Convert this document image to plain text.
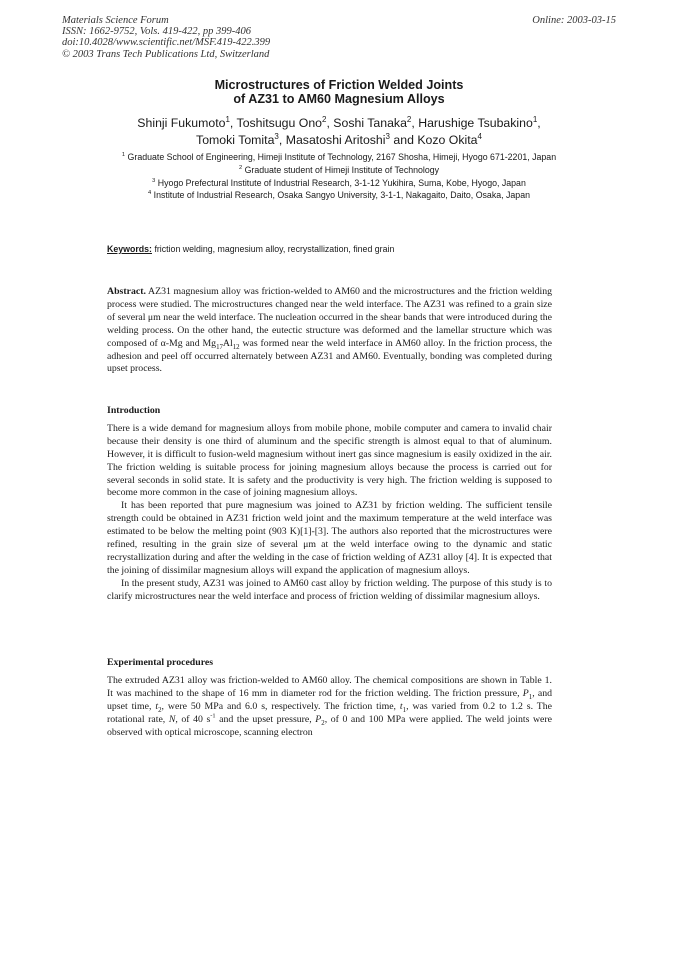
Materials Science Forum
ISSN: 1662-9752, Vols. 419-422, pp 399-406
doi:10.4028/www.scientific.net/MSF.419-422.399
© 2003 Trans Tech Publications Ltd, Switzerland
Online: 2003-03-15
Microstructures of Friction Welded Joints
of AZ31 to AM60 Magnesium Alloys
Shinji Fukumoto$^1$, Toshitsugu Ono$^2$, Soshi Tanaka$^2$, Harushige Tsubakino$^1$,
Tomoki Tomita$^3$, Masatoshi Aritoshi$^3$ and Kozo Okita$^4$
$^1$ Graduate School of Engineering, Himeji Institute of Technology, 2167 Shosha, Himeji, Hyogo 671-2201, Japan
$^2$ Graduate student of Himeji Institute of Technology
$^3$ Hyogo Prefectural Institute of Industrial Research, 3-1-12 Yukihira, Suma, Kobe, Hyogo, Japan
$^4$ Institute of Industrial Research, Osaka Sangyo University, 3-1-1, Nakagaito, Daito, Osaka, Japan
Keywords: friction welding, magnesium alloy, recrystallization, fined grain

Abstract. AZ31 magnesium alloy was friction-welded to AM60 and the microstructures and the friction welding process were studied. The microstructures changed near the weld interface. The AZ31 was refined to a grain size of several μm near the weld interface. The nucleation occurred in the shear bands that were introduced during the welding process. On the other hand, the eutectic structure was deformed and the lamellar structure which was composed of α-Mg and $Mg_{17}Al_{12}$ was formed near the weld interface in AM60 alloy. In the friction process, the adhesion and peel off occurred alternately between AZ31 and AM60. Eventually, bonding was completed during upset process.

Introduction

There is a wide demand for magnesium alloys from mobile phone, mobile computer and camera to invalid chair because their density is one third of aluminum and the specific strength is almost equal to that of aluminum. However, it is difficult to fusion-weld magnesium without inert gas since magnesium is easily oxidized in the air. The friction welding is suitable process for joining magnesium alloys because the process is carried out for several seconds in solid state. It is safety and the productivity is very high. The friction welding is supposed to become more common in the case of joining magnesium alloys.

It has been reported that pure magnesium was joined to AZ31 by friction welding. The sufficient tensile strength could be obtained in AZ31 friction weld joint and the maximum temperature at the weld interface was estimated to be below the melting point (903 K)[1]-[3]. The authors also reported that the microstructures were refined, resulting in the grain size of several μm at the weld interface owing to the dynamic and static recrystallization during and after the welding in the case of friction welding of AZ31 alloy [4]. It is expected that the joining of dissimilar magnesium alloys will expand the application of magnesium alloys.

In the present study, AZ31 was joined to AM60 cast alloy by friction welding. The purpose of this study is to clarify microstructures near the weld interface and process of friction welding of dissimilar magnesium alloys.

Experimental procedures

The extruded AZ31 alloy was friction-welded to AM60 alloy. The chemical compositions are shown in Table 1. It was machined to the shape of 16 mm in diameter rod for the friction welding. The friction pressure, $P_1$, and upset time, $t_2$, were 50 MPa and 6.0 s, respectively. The friction time, $t_1$, was varied from 0.2 to 1.2 s. The rotational rate, N, of 40 $s^{-1}$ and the upset pressure, $P_2$, of 0 and 100 MPa were applied. The weld joints were observed with optical microscope, scanning electron
